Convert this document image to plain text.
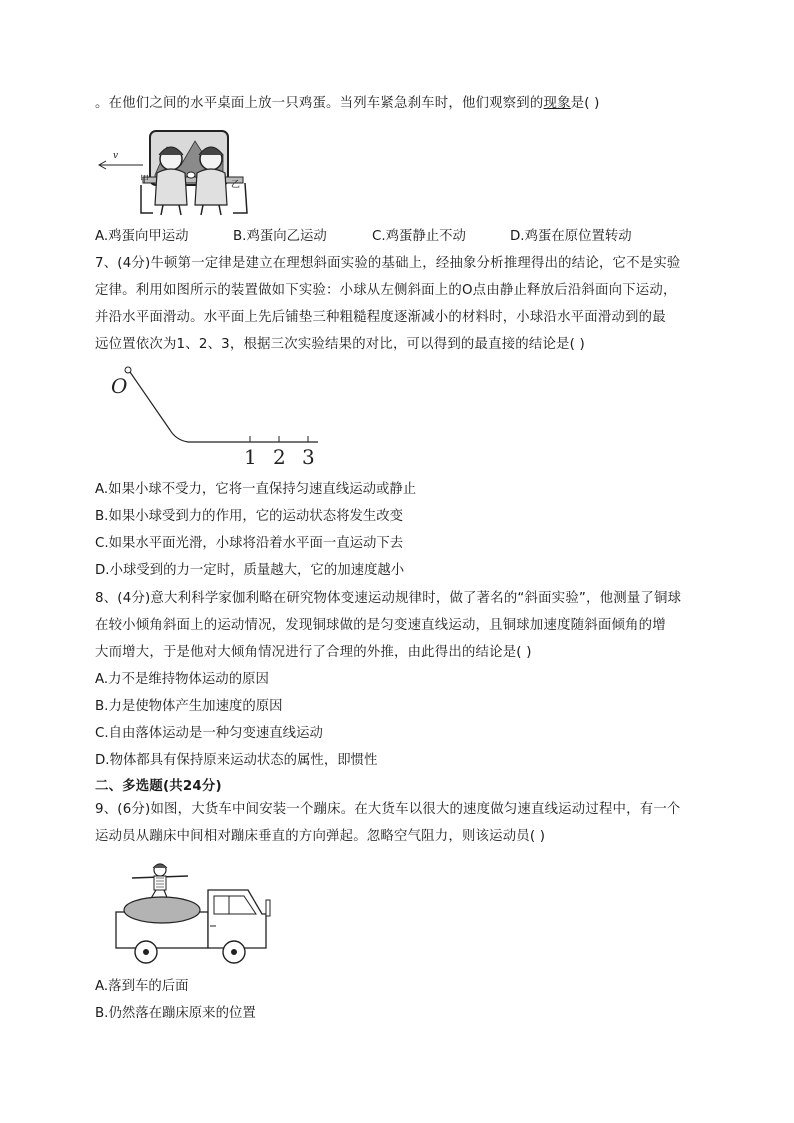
。在他们之间的水平桌面上放一只鸡蛋。当列车紧急刹车时，他们观察到的现象是( )
v
甲	乙
A.鸡蛋向甲运动	B.鸡蛋向乙运动	C.鸡蛋静止不动	D.鸡蛋在原位置转动
7、(4分)牛顿第一定律是建立在理想斜面实验的基础上，经抽象分析推理得出的结论，它不是实验
定律。利用如图所示的装置做如下实验：小球从左侧斜面上的O点由静止释放后沿斜面向下运动，
并沿水平面滑动。水平面上先后铺垫三种粗糙程度逐渐减小的材料时，小球沿水平面滑动到的最
远位置依次为1、2、3，根据三次实验结果的对比，可以得到的最直接的结论是( )
O
1 2 3
A.如果小球不受力，它将一直保持匀速直线运动或静止
B.如果小球受到力的作用，它的运动状态将发生改变
C.如果水平面光滑，小球将沿着水平面一直运动下去
D.小球受到的力一定时，质量越大，它的加速度越小
8、(4分)意大利科学家伽利略在研究物体变速运动规律时，做了著名的“斜面实验”，他测量了铜球
在较小倾角斜面上的运动情况，发现铜球做的是匀变速直线运动，且铜球加速度随斜面倾角的增
大而增大，于是他对大倾角情况进行了合理的外推，由此得出的结论是( )
A.力不是维持物体运动的原因
B.力是使物体产生加速度的原因
C.自由落体运动是一种匀变速直线运动
D.物体都具有保持原来运动状态的属性，即惯性
二、多选题(共24分)
9、(6分)如图，大货车中间安装一个蹦床。在大货车以很大的速度做匀速直线运动过程中，有一个
运动员从蹦床中间相对蹦床垂直的方向弹起。忽略空气阻力，则该运动员( )
A.落到车的后面
B.仍然落在蹦床原来的位置
